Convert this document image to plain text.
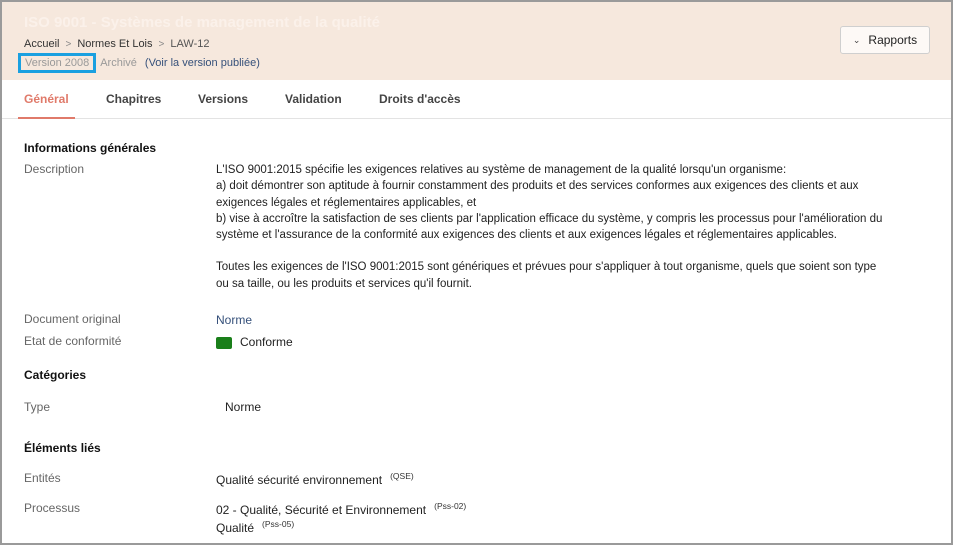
ISO 9001 - Systèmes de management de la qualité
Accueil > Normes Et Lois > LAW-12
Version 2008	Archivé (Voir la version publiée)
⌄ Rapports
Général	Chapitres	Versions	Validation	Droits d'accès
Informations générales
Description	L'ISO 9001:2015 spécifie les exigences relatives au système de management de la qualité lorsqu'un organisme:

a) doit démontrer son aptitude à fournir constamment des produits et des services conformes aux exigences des clients et aux exigences légales et réglementaires applicables, et

b) vise à accroître la satisfaction de ses clients par l'application efficace du système, y compris les processus pour l'amélioration du système et l'assurance de la conformité aux exigences des clients et aux exigences légales et réglementaires applicables.

Toutes les exigences de l'ISO 9001:2015 sont génériques et prévues pour s'appliquer à tout organisme, quels que soient son type ou sa taille, ou les produits et services qu'il fournit.

Document original	Norme
Etat de conformité	Conforme
Catégories
Type	Norme
Éléments liés
Entités	Qualité sécurité environnement $^{(QSE)}$
Processus	02 - Qualité, Sécurité et Environnement $^{(Pss-02)}$
Qualité $^{(Pss-05)}$
